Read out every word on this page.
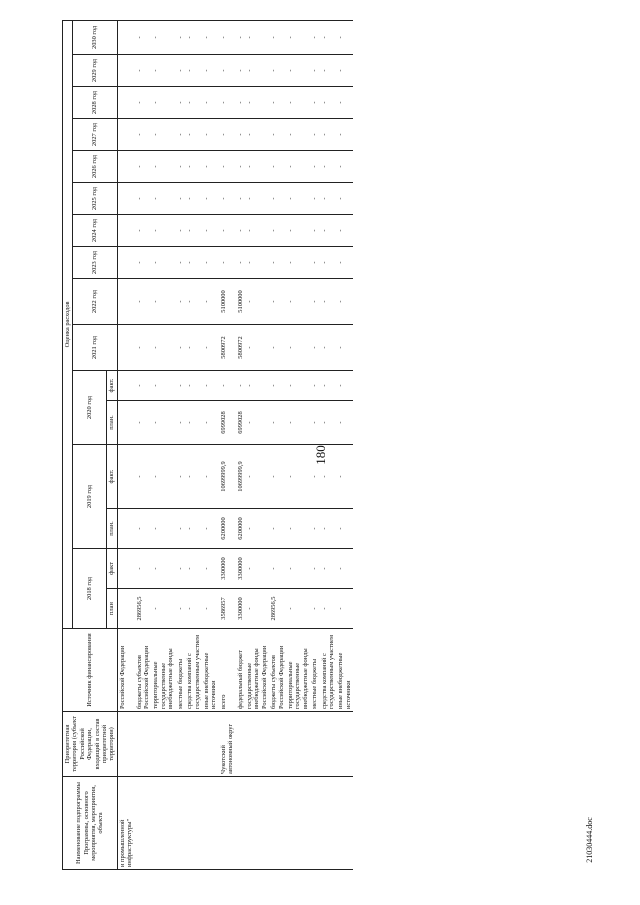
180
21030444.doc
Наименование подпрограммы Программы, основного мероприятия, мероприятия, объекта	Приоритетная территория (субъект Российской Федерации, входящий в состав приоритетной территории)	Источник финансирования	Оценка расходов															
			2018 год		2019 год		2020 год		2021 год	2022 год	2023 год	2024 год	2025 год	2026 год	2027 год	2028 год	2029 год	2030 год
			план	факт	план.	факт.	план.	факт.										
и промышленной инфраструктуры"		Российской Федерации																
		бюджеты субъектов Российской Федерации	286956,5	-	-	-	-	-	-	-	-	-	-	-	-	-	-	-
		территориальные государственные внебюджетные фонды	-	-	-	-	-	-	-	-	-	-	-	-	-	-	-	-
		местные бюджеты	-	-	-	-	-	-	-	-	-	-	-	-	-	-	-	-
		средства компаний с государственным участием	-	-	-	-	-	-	-	-	-	-	-	-	-	-	-	-
		иные внебюджетные источники	-	-	-	-	-	-	-	-	-	-	-	-	-	-	-	-
	Чукотский автономный округ	всего	3586957	3300000	6200000	10699999,9	6999028	-	5800972	5100000	-	-	-	-	-	-	-	-
		федеральный бюджет	3300000	3300000	6200000	10699999,9	6999028	-	5800972	5100000	-	-	-	-	-	-	-	-
		государственные внебюджетные фонды Российской Федерации	-	-	-	-	-	-	-	-	-	-	-	-	-	-	-	-
		бюджеты субъектов Российской Федерации	286956,5	-	-	-	-	-	-	-	-	-	-	-	-	-	-	-
		территориальные государственные внебюджетные фонды	-	-	-	-	-	-	-	-	-	-	-	-	-	-	-	-
		местные бюджеты	-	-	-	-	-	-	-	-	-	-	-	-	-	-	-	-
		средства компаний с государственным участием	-	-	-	-	-	-	-	-	-	-	-	-	-	-	-	-
		иные внебюджетные источники	-	-	-	-	-	-	-	-	-	-	-	-	-	-	-	-
